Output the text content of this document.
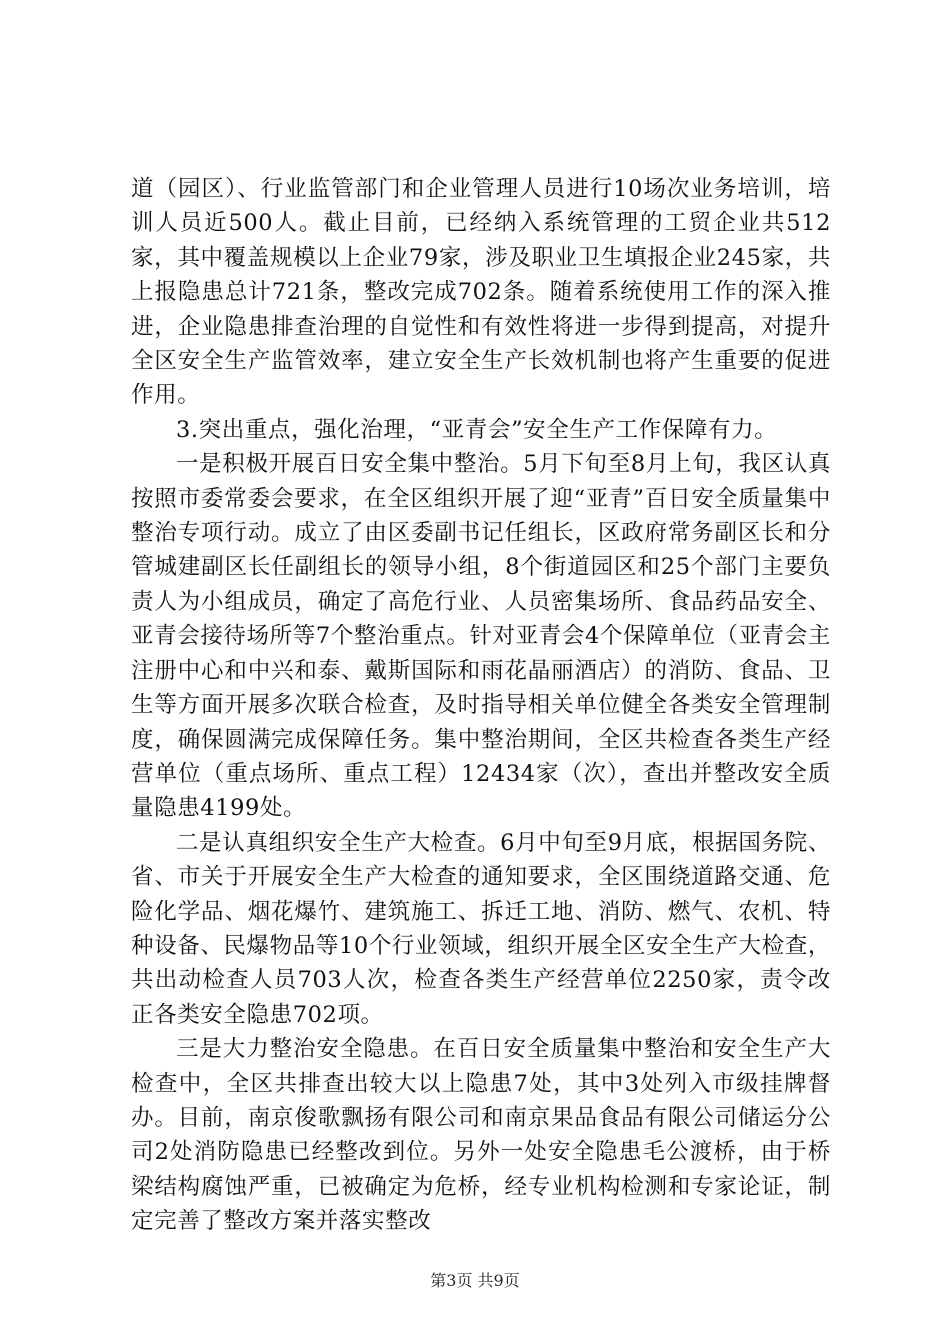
道（园区）、行业监管部门和企业管理人员进行10场次业务培训，培训人员近500人。截止目前，已经纳入系统管理的工贸企业共512家，其中覆盖规模以上企业79家，涉及职业卫生填报企业245家，共上报隐患总计721条，整改完成702条。随着系统使用工作的深入推进，企业隐患排查治理的自觉性和有效性将进一步得到提高，对提升全区安全生产监管效率，建立安全生产长效机制也将产生重要的促进作用。

3.突出重点，强化治理，“亚青会”安全生产工作保障有力。

一是积极开展百日安全集中整治。5月下旬至8月上旬，我区认真按照市委常委会要求，在全区组织开展了迎“亚青”百日安全质量集中整治专项行动。成立了由区委副书记任组长，区政府常务副区长和分管城建副区长任副组长的领导小组，8个街道园区和25个部门主要负责人为小组成员，确定了高危行业、人员密集场所、食品药品安全、亚青会接待场所等7个整治重点。针对亚青会4个保障单位（亚青会主注册中心和中兴和泰、戴斯国际和雨花晶丽酒店）的消防、食品、卫生等方面开展多次联合检查，及时指导相关单位健全各类安全管理制度，确保圆满完成保障任务。集中整治期间，全区共检查各类生产经营单位（重点场所、重点工程）12434家（次），查出并整改安全质量隐患4199处。

二是认真组织安全生产大检查。6月中旬至9月底，根据国务院、省、市关于开展安全生产大检查的通知要求，全区围绕道路交通、危险化学品、烟花爆竹、建筑施工、拆迁工地、消防、燃气、农机、特种设备、民爆物品等10个行业领域，组织开展全区安全生产大检查，共出动检查人员703人次，检查各类生产经营单位2250家，责令改正各类安全隐患702项。

三是大力整治安全隐患。在百日安全质量集中整治和安全生产大检查中，全区共排查出较大以上隐患7处，其中3处列入市级挂牌督办。目前，南京俊歌飘扬有限公司和南京果品食品有限公司储运分公司2处消防隐患已经整改到位。另外一处安全隐患毛公渡桥，由于桥梁结构腐蚀严重，已被确定为危桥，经专业机构检测和专家论证，制定完善了整改方案并落实整改

第3页 共9页
